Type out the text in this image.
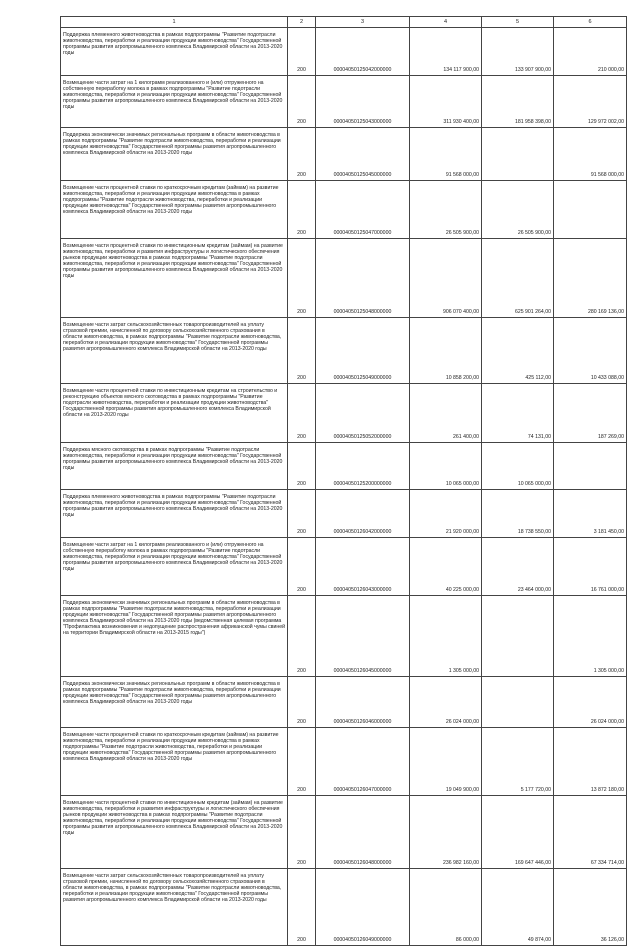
1	2	3	4	5	6
Поддержка племенного животноводства в рамках подпрограммы "Развитие подотрасли животноводства, переработки и реализации продукции животноводства" Государственной программы развития агропромышленного комплекса Владимирской области на 2013-2020 годы	200	00004050125042000000	134 117 900,00	133 907 900,00	210 000,00
Возмещение части затрат на 1 килограмм реализованного и (или) отгруженного на собственную переработку молока в рамках подпрограммы "Развитие подотрасли животноводства, переработки и реализации продукции животноводства" Государственной программы развития агропромышленного комплекса Владимирской области на 2013-2020 годы	200	00004050125043000000	311 930 400,00	181 958 398,00	129 972 002,00
Поддержка экономически значимых региональных программ в области животноводства в рамках подпрограммы "Развитие подотрасли животноводства, переработки и реализации продукции животноводства" Государственной программы развития агропромышленного комплекса Владимирской области на 2013-2020 годы	200	00004050125045000000	91 568 000,00		91 568 000,00
Возмещение части процентной ставки по краткосрочным кредитам (займам) на развитие животноводства, переработки и реализации продукции животноводства в рамках подпрограммы "Развитие подотрасли животноводства, переработки и реализации продукции животноводства" Государственной программы развития агропромышленного комплекса Владимирской области на 2013-2020 годы	200	00004050125047000000	26 505 900,00	26 505 900,00	
Возмещение части процентной ставки по инвестиционным кредитам (займам) на развитие животноводства, переработки и развития инфраструктуры и логистического обеспечения рынков продукции животноводства в рамках подпрограммы "Развитие подотрасли животноводства, переработки и реализации продукции животноводства" Государственной программы развития агропромышленного комплекса Владимирской области на 2013-2020 годы	200	00004050125048000000	906 070 400,00	625 901 264,00	280 169 136,00
Возмещение части затрат сельскохозяйственных товаропроизводителей на уплату страховой премии, начисленной по договору сельскохозяйственного страхования в области животноводства, в рамках подпрограммы "Развитие подотрасли животноводства, переработки и реализации продукции животноводства" Государственной программы развития агропромышленного комплекса Владимирской области на 2013-2020 годы	200	00004050125049000000	10 858 200,00	425 112,00	10 433 088,00
Возмещение части процентной ставки по инвестиционным кредитам на строительство и реконструкцию объектов мясного скотоводства в рамках подпрограммы "Развитие подотрасли животноводства, переработки и реализации продукции животноводства" Государственной программы развития агропромышленного комплекса Владимирской области на 2013-2020 годы	200	00004050125052000000	261 400,00	74 131,00	187 269,00
Поддержка мясного скотоводства в рамках подпрограммы "Развитие подотрасли животноводства, переработки и реализации продукции животноводства" Государственной программы развития агропромышленного комплекса Владимирской области на 2013-2020 годы	200	00004050125200000000	10 065 000,00	10 065 000,00	
Поддержка племенного животноводства в рамках подпрограммы "Развитие подотрасли животноводства, переработки и реализации продукции животноводства" Государственной программы развития агропромышленного комплекса Владимирской области на 2013-2020 годы	200	00004050126042000000	21 920 000,00	18 738 550,00	3 181 450,00
Возмещение части затрат на 1 килограмм реализованного и (или) отгруженного на собственную переработку молока в рамках подпрограммы "Развитие подотрасли животноводства, переработки и реализации продукции животноводства" Государственной программы развития агропромышленного комплекса Владимирской области на 2013-2020 годы	200	00004050126043000000	40 225 000,00	23 464 000,00	16 761 000,00
Поддержка экономически значимых региональных программ в области животноводства в рамках подпрограммы "Развитие подотрасли животноводства, переработки и реализации продукции животноводства" Государственной программы развития агропромышленного комплекса Владимирской области на 2013-2020 годы (ведомственная целевая программа "Профилактика возникновения и недопущение распространения африканской чумы свиней на территории Владимирской области на 2013-2015 годы")	200	00004050126045000000	1 305 000,00		1 305 000,00
Поддержка экономически значимых региональных программ в области животноводства в рамках подпрограммы "Развитие подотрасли животноводства, переработки и реализации продукции животноводства" Государственной программы развития агропромышленного комплекса Владимирской области на 2013-2020 годы	200	00004050126046000000	26 024 000,00		26 024 000,00
Возмещение части процентной ставки по краткосрочным кредитам (займам) на развитие животноводства, переработки и реализации продукции животноводства в рамках подпрограммы "Развитие подотрасли животноводства, переработки и реализации продукции животноводства" Государственной программы развития агропромышленного комплекса Владимирской области на 2013-2020 годы	200	00004050126047000000	19 049 900,00	5 177 720,00	13 872 180,00
Возмещение части процентной ставки по инвестиционным кредитам (займам) на развитие животноводства, переработки и развития инфраструктуры и логистического обеспечения рынков продукции животноводства в рамках подпрограммы "Развитие подотрасли животноводства, переработки и реализации продукции животноводства" Государственной программы развития агропромышленного комплекса Владимирской области на 2013-2020 годы	200	00004050126048000000	236 982 160,00	169 647 446,00	67 334 714,00
Возмещение части затрат сельскохозяйственных товаропроизводителей на уплату страховой премии, начисленной по договору сельскохозяйственного страхования в области животноводства, в рамках подпрограммы "Развитие подотрасли животноводства, переработки и реализации продукции животноводства" Государственной программы развития агропромышленного комплекса Владимирской области на 2013-2020 годы	200	00004050126049000000	86 000,00	49 874,00	36 126,00
